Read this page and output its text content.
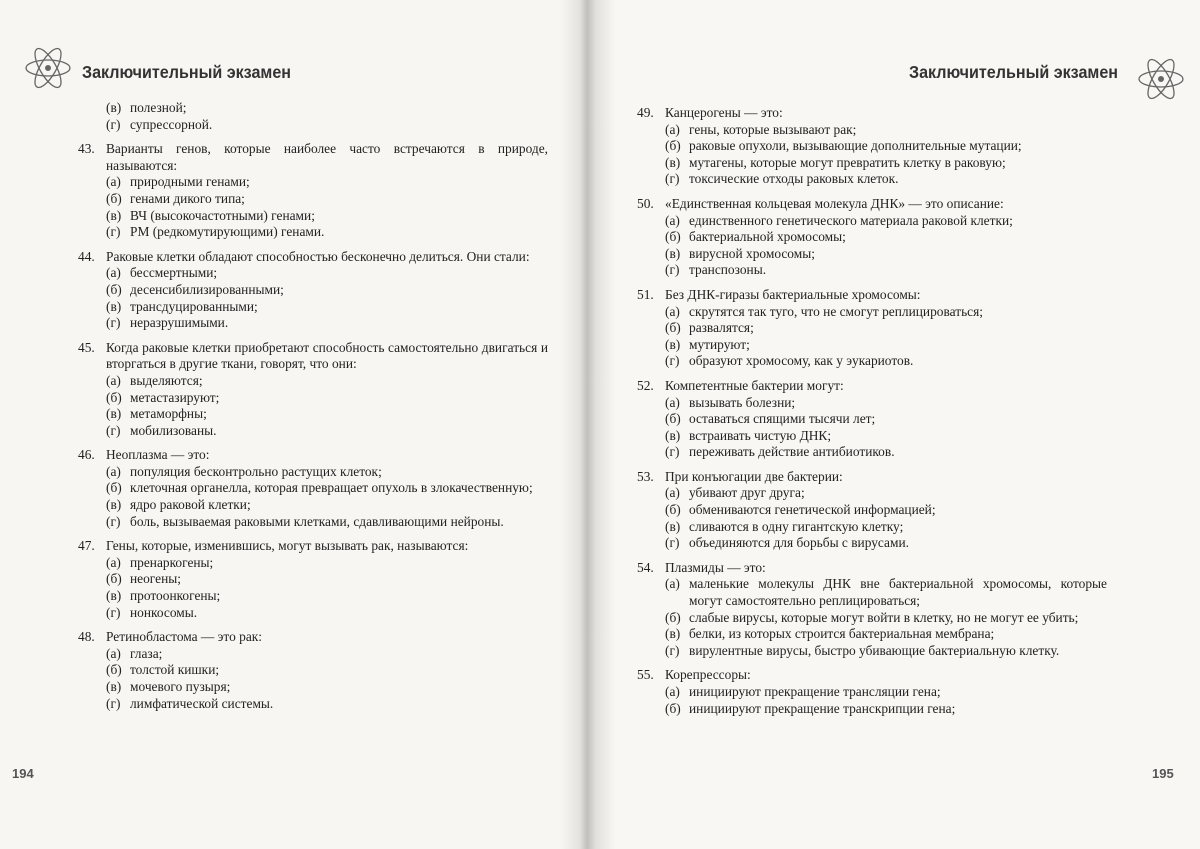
Заключительный экзамен
(в) полезной;
(г) супрессорной.
43. Варианты генов, которые наиболее часто встречаются в природе, называются:
(а) природными генами;
(б) генами дикого типа;
(в) ВЧ (высокочастотными) генами;
(г) РМ (редкомутирующими) генами.
44. Раковые клетки обладают способностью бесконечно делиться. Они стали:
(а) бессмертными;
(б) десенсибилизированными;
(в) трансдуцированными;
(г) неразрушимыми.
45. Когда раковые клетки приобретают способность самостоятельно двигаться и вторгаться в другие ткани, говорят, что они:
(а) выделяются;
(б) метастазируют;
(в) метаморфны;
(г) мобилизованы.
46. Неоплазма — это:
(а) популяция бесконтрольно растущих клеток;
(б) клеточная органелла, которая превращает опухоль в злокачественную;
(в) ядро раковой клетки;
(г) боль, вызываемая раковыми клетками, сдавливающими нейроны.
47. Гены, которые, изменившись, могут вызывать рак, называются:
(а) пренаркогены;
(б) неогены;
(в) протоонкогены;
(г) нонкосомы.
48. Ретинобластома — это рак:
(а) глаза;
(б) толстой кишки;
(в) мочевого пузыря;
(г) лимфатической системы.
194
Заключительный экзамен
49. Канцерогены — это:
(а) гены, которые вызывают рак;
(б) раковые опухоли, вызывающие дополнительные мутации;
(в) мутагены, которые могут превратить клетку в раковую;
(г) токсические отходы раковых клеток.
50. «Единственная кольцевая молекула ДНК» — это описание:
(а) единственного генетического материала раковой клетки;
(б) бактериальной хромосомы;
(в) вирусной хромосомы;
(г) транспозоны.
51. Без ДНК-гиразы бактериальные хромосомы:
(а) скрутятся так туго, что не смогут реплицироваться;
(б) развалятся;
(в) мутируют;
(г) образуют хромосому, как у эукариотов.
52. Компетентные бактерии могут:
(а) вызывать болезни;
(б) оставаться спящими тысячи лет;
(в) встраивать чистую ДНК;
(г) переживать действие антибиотиков.
53. При конъюгации две бактерии:
(а) убивают друг друга;
(б) обмениваются генетической информацией;
(в) сливаются в одну гигантскую клетку;
(г) объединяются для борьбы с вирусами.
54. Плазмиды — это:
(а) маленькие молекулы ДНК вне бактериальной хромосомы, которые могут самостоятельно реплицироваться;
(б) слабые вирусы, которые могут войти в клетку, но не могут ее убить;
(в) белки, из которых строится бактериальная мембрана;
(г) вирулентные вирусы, быстро убивающие бактериальную клетку.
55. Корепрессоры:
(а) инициируют прекращение трансляции гена;
(б) инициируют прекращение транскрипции гена;
195
